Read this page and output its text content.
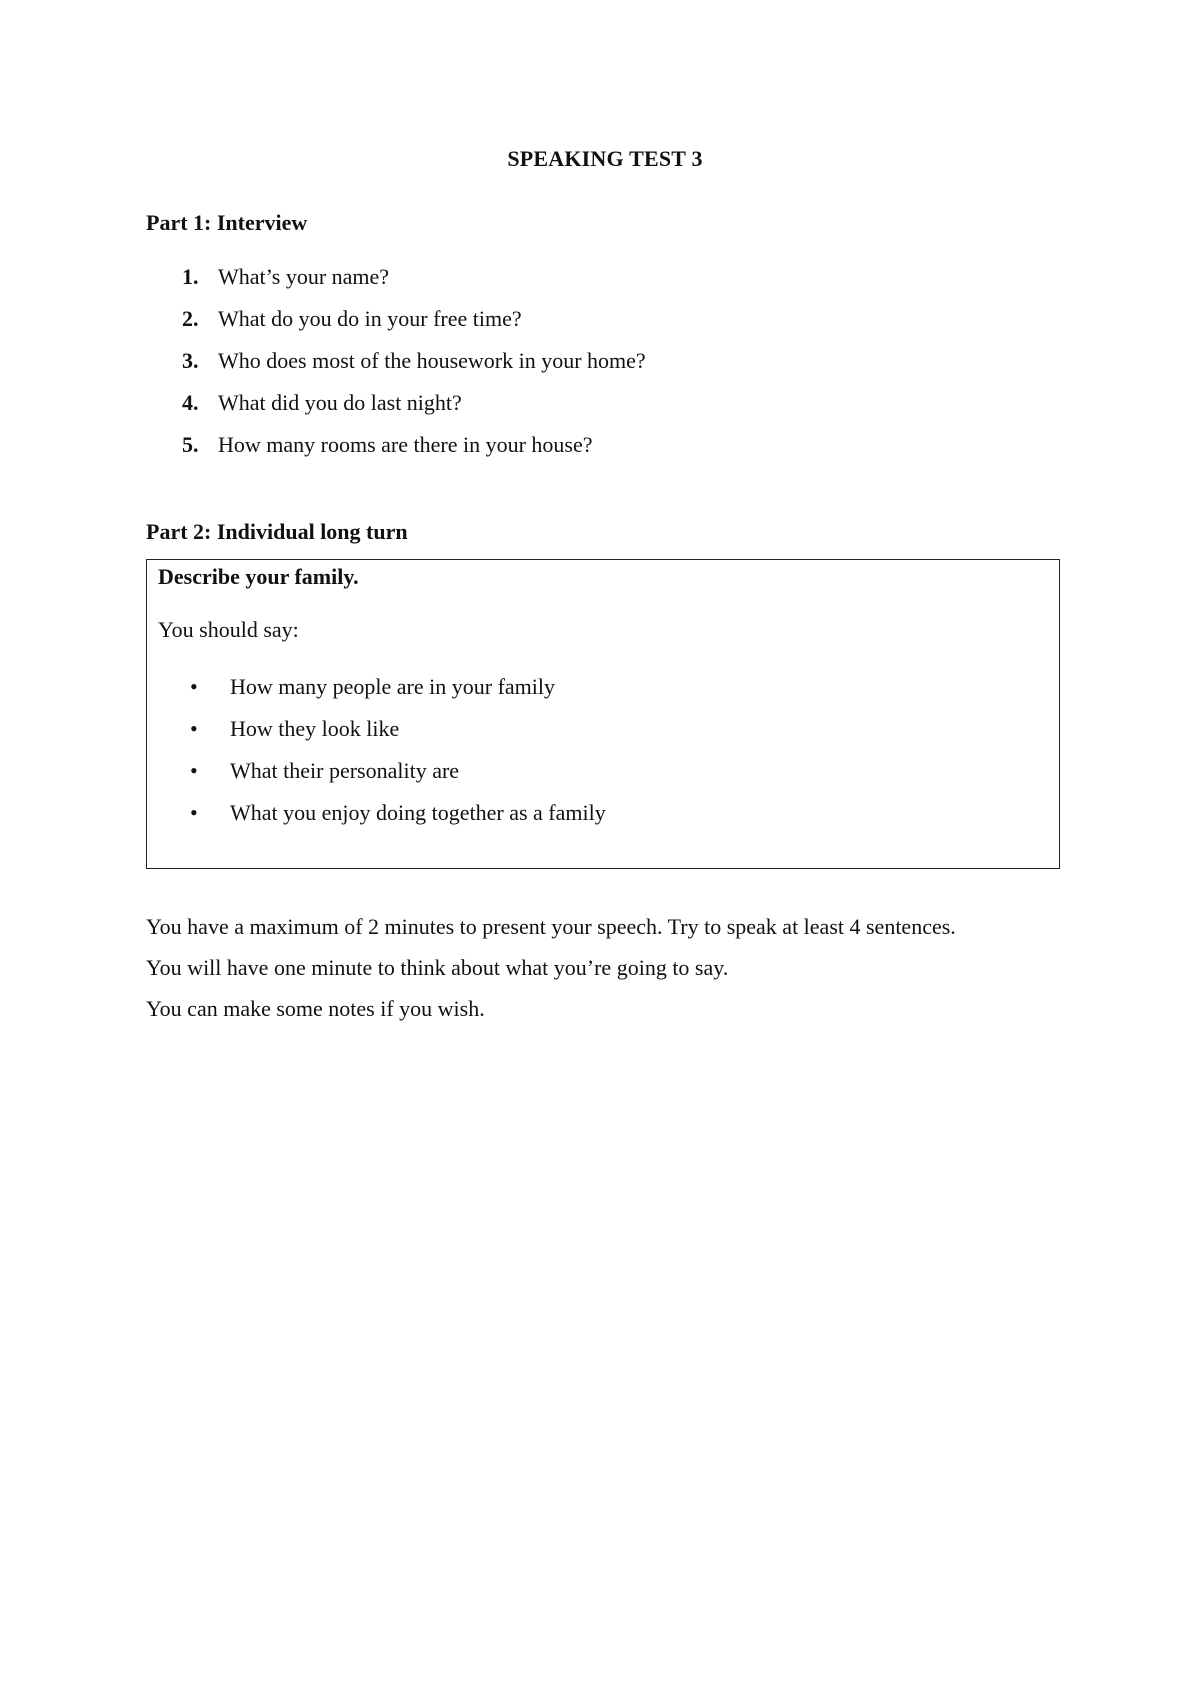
SPEAKING TEST 3
Part 1: Interview
1. What’s your name?
2. What do you do in your free time?
3. Who does most of the housework in your home?
4. What did you do last night?
5. How many rooms are there in your house?
Part 2: Individual long turn
Describe your family.
You should say:
• How many people are in your family
• How they look like
• What their personality are
• What you enjoy doing together as a family
You have a maximum of 2 minutes to present your speech. Try to speak at least 4 sentences.
You will have one minute to think about what you’re going to say.
You can make some notes if you wish.
